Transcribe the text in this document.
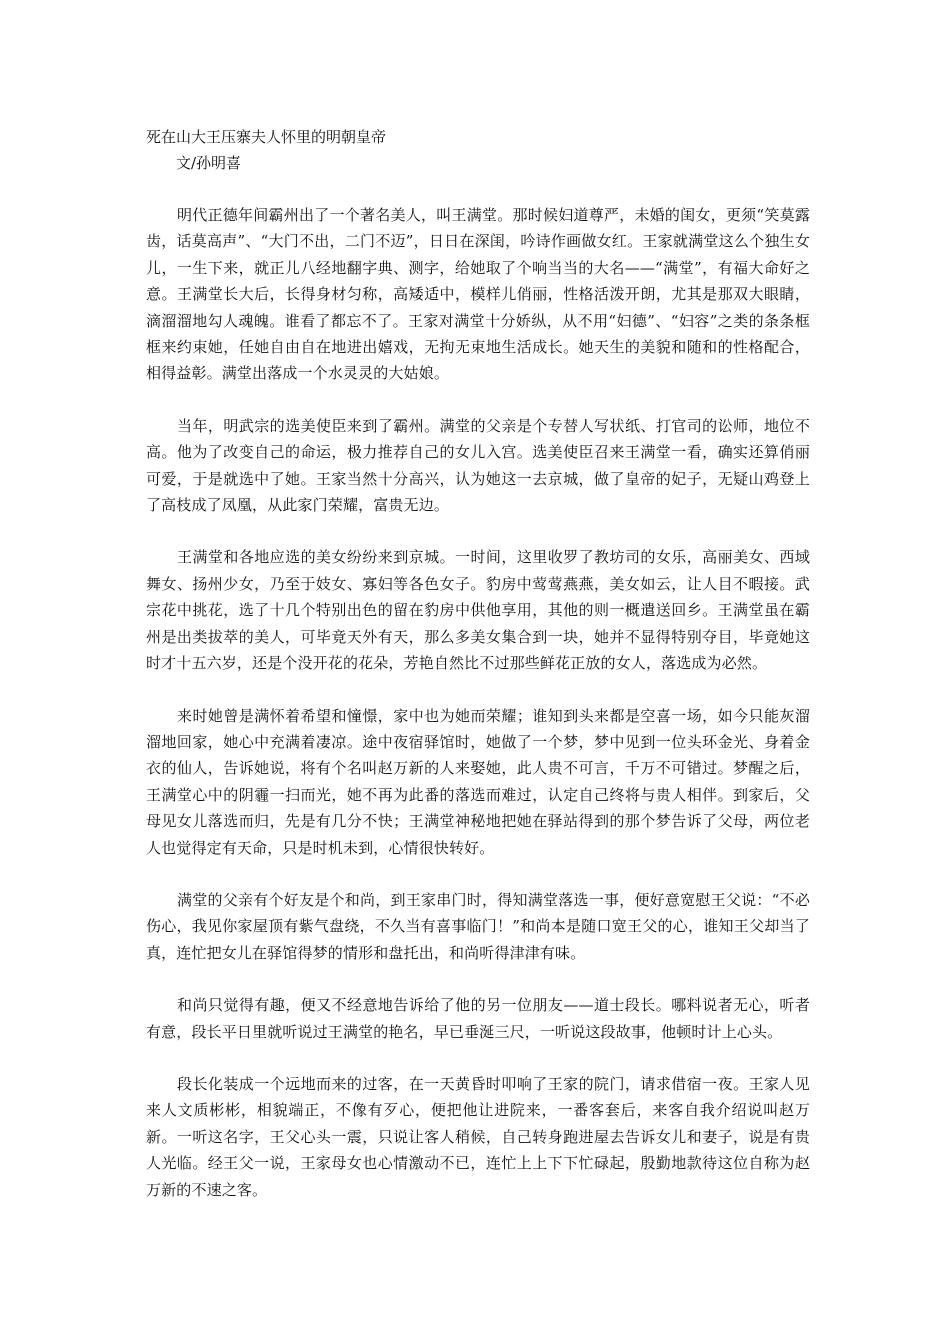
死在山大王压寨夫人怀里的明朝皇帝
文/孙明喜

明代正德年间霸州出了一个著名美人，叫王满堂。那时候妇道尊严，未婚的闺女，更须“笑莫露齿，话莫高声”、“大门不出，二门不迈”，日日在深闺，吟诗作画做女红。王家就满堂这么个独生女儿，一生下来，就正儿八经地翻字典、测字，给她取了个响当当的大名——“满堂”，有福大命好之意。王满堂长大后，长得身材匀称，高矮适中，模样儿俏丽，性格活泼开朗，尤其是那双大眼睛，滴溜溜地勾人魂魄。谁看了都忘不了。王家对满堂十分娇纵，从不用“妇德”、“妇容”之类的条条框框来约束她，任她自由自在地进出嬉戏，无拘无束地生活成长。她天生的美貌和随和的性格配合，相得益彰。满堂出落成一个水灵灵的大姑娘。

当年，明武宗的选美使臣来到了霸州。满堂的父亲是个专替人写状纸、打官司的讼师，地位不高。他为了改变自己的命运，极力推荐自己的女儿入宫。选美使臣召来王满堂一看，确实还算俏丽可爱，于是就选中了她。王家当然十分高兴，认为她这一去京城，做了皇帝的妃子，无疑山鸡登上了高枝成了凤凰，从此家门荣耀，富贵无边。

王满堂和各地应选的美女纷纷来到京城。一时间，这里收罗了教坊司的女乐，高丽美女、西域舞女、扬州少女，乃至于妓女、寡妇等各色女子。豹房中莺莺燕燕，美女如云，让人目不暇接。武宗花中挑花，选了十几个特别出色的留在豹房中供他享用，其他的则一概遣送回乡。王满堂虽在霸州是出类拔萃的美人，可毕竟天外有天，那么多美女集合到一块，她并不显得特别夺目，毕竟她这时才十五六岁，还是个没开花的花朵，芳艳自然比不过那些鲜花正放的女人，落选成为必然。

来时她曾是满怀着希望和憧憬，家中也为她而荣耀；谁知到头来都是空喜一场，如今只能灰溜溜地回家，她心中充满着凄凉。途中夜宿驿馆时，她做了一个梦，梦中见到一位头环金光、身着金衣的仙人，告诉她说，将有个名叫赵万新的人来娶她，此人贵不可言，千万不可错过。梦醒之后，王满堂心中的阴霾一扫而光，她不再为此番的落选而难过，认定自己终将与贵人相伴。到家后，父母见女儿落选而归，先是有几分不快；王满堂神秘地把她在驿站得到的那个梦告诉了父母，两位老人也觉得定有天命，只是时机未到，心情很快转好。

满堂的父亲有个好友是个和尚，到王家串门时，得知满堂落选一事，便好意宽慰王父说：“不必伤心，我见你家屋顶有紫气盘绕，不久当有喜事临门！”和尚本是随口宽王父的心，谁知王父却当了真，连忙把女儿在驿馆得梦的情形和盘托出，和尚听得津津有味。

和尚只觉得有趣，便又不经意地告诉给了他的另一位朋友——道士段长。哪料说者无心，听者有意，段长平日里就听说过王满堂的艳名，早已垂涎三尺，一听说这段故事，他顿时计上心头。

段长化装成一个远地而来的过客，在一天黄昏时叩响了王家的院门，请求借宿一夜。王家人见来人文质彬彬，相貌端正，不像有歹心，便把他让进院来，一番客套后，来客自我介绍说叫赵万新。一听这名字，王父心头一震，只说让客人稍候，自己转身跑进屋去告诉女儿和妻子，说是有贵人光临。经王父一说，王家母女也心情激动不已，连忙上上下下忙碌起，殷勤地款待这位自称为赵万新的不速之客。
